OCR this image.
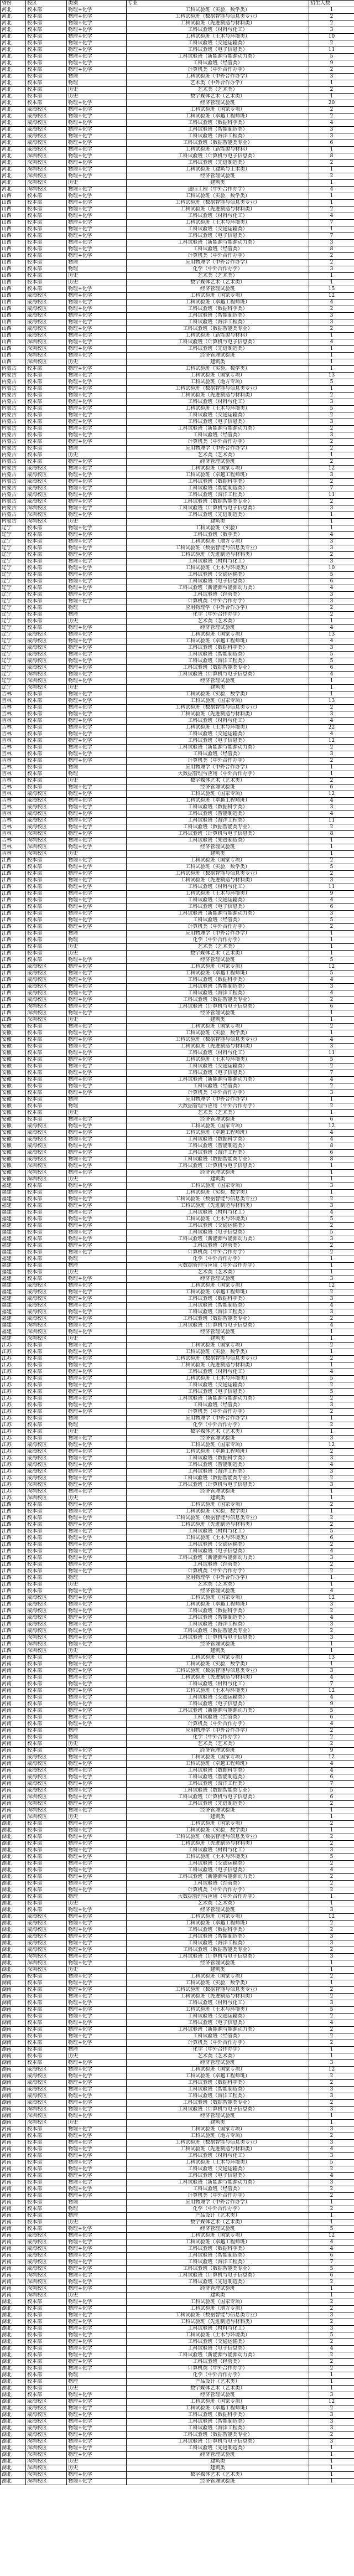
省份	校区	类别	专业	招生人数
河北	校本部	物理+化学	工科试验班（实验，数学类）	1
河北	校本部	物理+化学	工科试验班（数据智能与信息类专业）	2
河北	校本部	物理+化学	工科试验班（先进制造与材料类）	2
河北	校本部	物理+化学	工科试验班（材料与化工）	3
河北	校本部	物理+化学	工科试验班（土木与环境类）	10
河北	校本部	物理+化学	工科试验班（交通运输类）	2
河北	校本部	物理+化学	工科试验班（电子信息类）	11
河北	校本部	物理+化学	工科试验班（新能源与能源动力类）	5
河北	校本部	物理+化学	工科试验班（经管类）	9
河北	校本部	物理+化学	计算机类（中外合作办学）	2
河北	校本部	物理	工科试验班（中外合作办学）	3
河北	校本部	物理	艺术类（中外合作办学）	1
河北	校本部	历史	艺术类（艺术类）	2
河北	校本部	历史	数字媒体艺术（艺术类）	1
河北	校本部	物理+化学	经济管理试验班	20
河北	威海校区	物理+化学	工科试验班（国家专项）	2
河北	威海校区	物理+化学	工科试验班（卓越工程师班）	2
河北	威海校区	物理+化学	工科试验班（数据科学类）	4
河北	威海校区	物理+化学	工科试验班（智能制造类）	3
河北	威海校区	物理+化学	工科试验班（海洋工程类）	3
河北	威海校区	物理+化学	工科试验班（数据智能类专业）	6
河北	威海校区	物理+化学	工科试验班（新能源与材料）	1
河北	深圳校区	物理+化学	工科试验班（计算机与电子信息类）	8
河北	深圳校区	物理+化学	工科试验班（先进制造类）	2
河北	深圳校区	物理+化学	工科试验班（建筑与土木类）	1
河北	深圳校区	物理+化学	经济管理试验班	2
河北	深圳校区	历史	建筑类	1
河北	深圳校区	物理+化学	通信工程（中外合作办学）	4
山西	校本部	物理+化学	工科试验班（实验，数学类）	1
山西	校本部	物理+化学	工科试验班（数据智能与信息类专业）	1
山西	校本部	物理+化学	工科试验班（先进制造与材料类）	2
山西	校本部	物理+化学	工科试验班（材料与化工）	4
山西	校本部	物理+化学	工科试验班（土木与环境类）	7
山西	校本部	物理+化学	工科试验班（交通运输类）	1
山西	校本部	物理+化学	工科试验班（电子信息类）	7
山西	校本部	物理+化学	工科试验班（新能源与能源动力类）	3
山西	校本部	物理+化学	工科试验班（经管类）	8
山西	校本部	物理+化学	计算机类（中外合作办学）	2
山西	校本部	物理	应用物理学（中外合作办学）	2
山西	校本部	物理	化学（中外合作办学）	3
山西	校本部	历史	艺术类（艺术类）	1
山西	校本部	历史	数字媒体艺术（艺术类）	1
山西	校本部	物理+化学	经济管理试验班	15
山西	威海校区	物理+化学	工科试验班（国家专项）	12
山西	威海校区	物理+化学	工科试验班（卓越工程师班）	4
山西	威海校区	物理+化学	工科试验班（数据科学类）	2
山西	威海校区	物理+化学	工科试验班（智能制造类）	3
山西	威海校区	物理+化学	工科试验班（海洋工程类）	3
山西	威海校区	物理+化学	工科试验班（数据智能类专业）	2
山西	威海校区	物理+化学	工科试验班（新能源与材料）	1
山西	深圳校区	物理+化学	工科试验班（计算机与电子信息类）	4
山西	深圳校区	物理+化学	工科试验班（先进制造类）	1
山西	深圳校区	物理+化学	经济管理试验班	1
山西	深圳校区	历史	建筑类	1
内蒙古	校本部	物理+化学	工科试验班（实验，数学类）	1
内蒙古	校本部	物理+化学	工科试验班（国家专项）	13
内蒙古	校本部	物理+化学	工科试验班（地方专项）	5
内蒙古	校本部	物理+化学	工科试验班（数据智能与信息类专业）	1
内蒙古	校本部	物理+化学	工科试验班（先进制造与材料类）	2
内蒙古	校本部	物理+化学	工科试验班（材料与化工）	3
内蒙古	校本部	物理+化学	工科试验班（土木与环境类）	5
内蒙古	校本部	物理+化学	工科试验班（交通运输类）	2
内蒙古	校本部	物理+化学	工科试验班（电子信息类）	3
内蒙古	校本部	物理+化学	工科试验班（新能源与能源动力类）	2
内蒙古	校本部	物理+化学	工科试验班（经管类）	3
内蒙古	校本部	物理+化学	计算机类（中外合作办学）	2
内蒙古	校本部	物理	应用物理学（中外合作办学）	2
内蒙古	校本部	历史	艺术类（艺术类）	1
内蒙古	校本部	物理+化学	经济管理试验班	2
内蒙古	威海校区	物理+化学	工科试验班（国家专项）	12
内蒙古	威海校区	物理+化学	工科试验班（卓越工程师班）	3
内蒙古	威海校区	物理+化学	工科试验班（数据科学类）	2
内蒙古	威海校区	物理+化学	工科试验班（智能制造类）	7
内蒙古	威海校区	物理+化学	工科试验班（海洋工程类）	11
内蒙古	威海校区	物理+化学	工科试验班（数据智能类专业）	2
内蒙古	深圳校区	物理+化学	工科试验班（计算机与电子信息类）	3
内蒙古	深圳校区	物理+化学	工科试验班（先进制造类）	1
内蒙古	深圳校区	历史	建筑类	1
辽宁	校本部	物理+化学	工科试验班（实验）	1
辽宁	校本部	物理+化学	工科试验班（数学类）	4
辽宁	校本部	物理+化学	工科试验班（地方专项）	3
辽宁	校本部	物理+化学	工科试验班（数据智能与信息类专业）	3
辽宁	校本部	物理+化学	工科试验班（先进制造与材料类）	2
辽宁	校本部	物理+化学	工科试验班（材料与化工）	3
辽宁	校本部	物理+化学	工科试验班（土木与环境类）	10
辽宁	校本部	物理+化学	工科试验班（交通运输类）	5
辽宁	校本部	物理+化学	工科试验班（电子信息类）	6
辽宁	校本部	物理+化学	工科试验班（新能源与能源动力类）	4
辽宁	校本部	物理+化学	工科试验班（经管类）	3
辽宁	校本部	物理+化学	计算机类（中外合作办学）	3
辽宁	校本部	物理	应用物理学（中外合作办学）	2
辽宁	校本部	物理	化学（中外合作办学）	2
辽宁	校本部	历史	艺术类（艺术类）	1
辽宁	校本部	物理+化学	经济管理试验班	4
辽宁	威海校区	物理+化学	工科试验班（国家专项）	13
辽宁	威海校区	物理+化学	工科试验班（卓越工程师班）	4
辽宁	威海校区	物理+化学	工科试验班（数据科学类）	3
辽宁	威海校区	物理+化学	工科试验班（智能制造类）	5
辽宁	威海校区	物理+化学	工科试验班（海洋工程类）	5
辽宁	威海校区	物理+化学	工科试验班（数据智能类专业）	6
辽宁	深圳校区	物理+化学	工科试验班（计算机与电子信息类）	4
辽宁	深圳校区	物理+化学	经济管理试验班	1
辽宁	深圳校区	历史	建筑类	1
吉林	校本部	物理+化学	工科试验班（实验，数学类）	1
吉林	校本部	物理+化学	工科试验班（国家专项）	13
吉林	校本部	物理+化学	工科试验班（数据智能与信息类专业）	2
吉林	校本部	物理+化学	工科试验班（先进制造与材料类）	3
吉林	校本部	物理+化学	工科试验班（材料与化工）	4
吉林	校本部	物理+化学	工科试验班（土木与环境类）	22
吉林	校本部	物理+化学	工科试验班（交通运输类）	4
吉林	校本部	物理+化学	工科试验班（电子信息类）	12
吉林	校本部	物理+化学	工科试验班（新能源与能源动力类）	2
吉林	校本部	物理+化学	工科试验班（经管类）	3
吉林	校本部	物理+化学	计算机类（中外合作办学）	2
吉林	校本部	物理	应用物理学（中外合作办学）	1
吉林	校本部	物理	大数据管理与应用（中外合作办学）	1
吉林	校本部	历史	数字媒体艺术（艺术类）	2
吉林	校本部	物理+化学	经济管理试验班	6
吉林	威海校区	物理+化学	工科试验班（国家专项）	12
吉林	威海校区	物理+化学	工科试验班（卓越工程师班）	4
吉林	威海校区	物理+化学	工科试验班（数据科学类）	3
吉林	威海校区	物理+化学	工科试验班（智能制造类）	4
吉林	威海校区	物理+化学	工科试验班（海洋工程类）	11
吉林	威海校区	物理+化学	工科试验班（数据智能类专业）	2
吉林	深圳校区	物理+化学	工科试验班（计算机与电子信息类）	8
吉林	深圳校区	物理+化学	工科试验班（先进制造类）	1
吉林	深圳校区	物理+化学	经济管理试验班	1
吉林	深圳校区	历史	建筑类	1
江西	校本部	物理+化学	工科试验班（国家专项）	2
江西	校本部	物理+化学	工科试验班（实验，数学类）	5
江西	校本部	物理+化学	工科试验班（数据智能与信息类专业）	2
江西	校本部	物理+化学	工科试验班（先进制造与材料类）	3
江西	校本部	物理+化学	工科试验班（材料与化工）	11
江西	校本部	物理+化学	工科试验班（土木与环境类）	9
江西	校本部	物理+化学	工科试验班（交通运输类）	4
江西	校本部	物理+化学	工科试验班（电子信息类）	6
江西	校本部	物理+化学	工科试验班（新能源与能源动力类）	3
江西	校本部	物理+化学	工科试验班（经管类）	5
江西	校本部	物理+化学	计算机类（中外合作办学）	2
江西	校本部	物理	应用物理学（中外合作办学）	1
江西	校本部	物理	化学（中外合作办学）	1
江西	校本部	历史	艺术类（艺术类）	1
江西	校本部	历史	数字媒体艺术（艺术类）	1
江西	校本部	物理+化学	经济管理试验班	5
江西	威海校区	物理+化学	工科试验班（国家专项）	12
江西	威海校区	物理+化学	工科试验班（卓越工程师班）	5
江西	威海校区	物理+化学	工科试验班（数据科学类）	4
江西	威海校区	物理+化学	工科试验班（智能制造类）	3
江西	威海校区	物理+化学	工科试验班（海洋工程类）	4
江西	威海校区	物理+化学	工科试验班（数据智能类专业）	2
江西	深圳校区	物理+化学	工科试验班（计算机与电子信息类）	6
江西	深圳校区	物理+化学	经济管理试验班	1
江西	深圳校区	历史	建筑类	1
安徽	校本部	物理+化学	工科试验班（国家专项）	2
安徽	校本部	物理+化学	工科试验班（实验，数学类）	1
安徽	校本部	物理+化学	工科试验班（数据智能与信息类专业）	4
安徽	校本部	物理+化学	工科试验班（先进制造与材料类）	3
安徽	校本部	物理+化学	工科试验班（材料与化工）	11
安徽	校本部	物理+化学	工科试验班（土木与环境类）	5
安徽	校本部	物理+化学	工科试验班（交通运输类）	2
安徽	校本部	物理+化学	工科试验班（电子信息类）	7
安徽	校本部	物理+化学	工科试验班（新能源与能源动力类）	4
安徽	校本部	物理+化学	工科试验班（经管类）	2
安徽	校本部	物理+化学	计算机类（中外合作办学）	3
安徽	校本部	物理	应用物理学（中外合作办学）	1
安徽	校本部	物理	大数据管理与应用（中外合作办学）	2
安徽	校本部	历史	艺术类（艺术类）	1
安徽	校本部	物理+化学	经济管理试验班	6
安徽	威海校区	物理+化学	工科试验班（国家专项）	12
安徽	威海校区	物理+化学	工科试验班（卓越工程师班）	4
安徽	威海校区	物理+化学	工科试验班（数据科学类）	4
安徽	威海校区	物理+化学	工科试验班（智能制造类）	8
安徽	威海校区	物理+化学	工科试验班（海洋工程类）	6
安徽	威海校区	物理+化学	工科试验班（数据智能类专业）	8
安徽	深圳校区	物理+化学	工科试验班（计算机与电子信息类）	1
安徽	深圳校区	物理+化学	经济管理试验班	1
安徽	深圳校区	历史	建筑类	1
福建	校本部	物理+化学	工科试验班（国家专项）	3
福建	校本部	物理+化学	工科试验班（实验，数学类）	1
福建	校本部	物理+化学	工科试验班（数据智能与信息类专业）	2
福建	校本部	物理+化学	工科试验班（先进制造与材料类）	3
福建	校本部	物理+化学	工科试验班（材料与化工）	4
福建	校本部	物理+化学	工科试验班（土木与环境类）	5
福建	校本部	物理+化学	工科试验班（交通运输类）	2
福建	校本部	物理+化学	工科试验班（电子信息类）	5
福建	校本部	物理+化学	工科试验班（新能源与能源动力类）	3
福建	校本部	物理+化学	工科试验班（经管类）	2
福建	校本部	物理+化学	计算机类（中外合作办学）	2
福建	校本部	物理	化学（中外合作办学）	1
福建	校本部	物理	大数据管理与应用（中外合作办学）	1
福建	校本部	历史	艺术类（艺术类）	1
福建	校本部	物理+化学	经济管理试验班	3
福建	威海校区	物理+化学	工科试验班（国家专项）	12
福建	威海校区	物理+化学	工科试验班（卓越工程师班）	2
福建	威海校区	物理+化学	工科试验班（数据科学类）	3
福建	威海校区	物理+化学	工科试验班（智能制造类）	4
福建	威海校区	物理+化学	工科试验班（海洋工程类）	3
福建	威海校区	物理+化学	工科试验班（数据智能类专业）	2
福建	深圳校区	物理+化学	工科试验班（计算机与电子信息类）	4
福建	深圳校区	物理+化学	经济管理试验班	1
福建	深圳校区	历史	建筑类	1
江苏	校本部	物理+化学	工科试验班（国家专项）	2
江苏	校本部	物理+化学	工科试验班（实验，数学类）	1
江苏	校本部	物理+化学	工科试验班（数据智能与信息类专业）	2
江苏	校本部	物理+化学	工科试验班（先进制造与材料类）	1
江苏	校本部	物理+化学	工科试验班（材料与化工）	4
江苏	校本部	物理+化学	工科试验班（土木与环境类）	5
江苏	校本部	物理+化学	工科试验班（交通运输类）	2
江苏	校本部	物理+化学	工科试验班（电子信息类）	5
江苏	校本部	物理+化学	工科试验班（新能源与能源动力类）	2
江苏	校本部	物理+化学	工科试验班（经管类）	3
江苏	校本部	物理+化学	计算机类（中外合作办学）	2
江苏	校本部	物理	应用物理学（中外合作办学）	1
江苏	校本部	物理	化学（中外合作办学）	2
江苏	校本部	历史	数字媒体艺术（艺术类）	1
江苏	校本部	物理+化学	经济管理试验班	3
江苏	威海校区	物理+化学	工科试验班（国家专项）	12
江苏	威海校区	物理+化学	工科试验班（卓越工程师班）	2
江苏	威海校区	物理+化学	工科试验班（数据科学类）	3
江苏	威海校区	物理+化学	工科试验班（智能制造类）	4
江苏	威海校区	物理+化学	工科试验班（海洋工程类）	3
江苏	威海校区	物理+化学	工科试验班（数据智能类专业）	2
江苏	深圳校区	物理+化学	工科试验班（计算机与电子信息类）	3
江苏	深圳校区	物理+化学	经济管理试验班	1
江苏	深圳校区	历史	建筑类	1
江西	校本部	物理+化学	工科试验班（国家专项）	2
江西	校本部	物理+化学	工科试验班（实验，数学类）	1
江西	校本部	物理+化学	工科试验班（数据智能与信息类专业）	2
江西	校本部	物理+化学	工科试验班（先进制造与材料类）	2
江西	校本部	物理+化学	工科试验班（材料与化工）	5
江西	校本部	物理+化学	工科试验班（土木与环境类）	6
江西	校本部	物理+化学	工科试验班（交通运输类）	2
江西	校本部	物理+化学	工科试验班（电子信息类）	4
江西	校本部	物理+化学	工科试验班（新能源与能源动力类）	3
江西	校本部	物理+化学	工科试验班（经管类）	2
江西	校本部	物理+化学	计算机类（中外合作办学）	2
江西	校本部	物理	应用物理学（中外合作办学）	1
江西	校本部	历史	艺术类（艺术类）	1
江西	校本部	物理+化学	经济管理试验班	4
江西	威海校区	物理+化学	工科试验班（国家专项）	12
江西	威海校区	物理+化学	工科试验班（卓越工程师班）	3
江西	威海校区	物理+化学	工科试验班（数据科学类）	2
江西	威海校区	物理+化学	工科试验班（智能制造类）	4
江西	威海校区	物理+化学	工科试验班（海洋工程类）	3
江西	威海校区	物理+化学	工科试验班（数据智能类专业）	2
江西	深圳校区	物理+化学	工科试验班（计算机与电子信息类）	3
江西	深圳校区	物理+化学	经济管理试验班	1
江西	深圳校区	历史	建筑类	1
河南	校本部	物理+化学	工科试验班（国家专项）	13
河南	校本部	物理+化学	工科试验班（实验，数学类）	1
河南	校本部	物理+化学	工科试验班（数据智能与信息类专业）	3
河南	校本部	物理+化学	工科试验班（先进制造与材料类）	4
河南	校本部	物理+化学	工科试验班（材料与化工）	7
河南	校本部	物理+化学	工科试验班（土木与环境类）	12
河南	校本部	物理+化学	工科试验班（交通运输类）	4
河南	校本部	物理+化学	工科试验班（电子信息类）	9
河南	校本部	物理+化学	工科试验班（新能源与能源动力类）	5
河南	校本部	物理+化学	工科试验班（经管类）	6
河南	校本部	物理+化学	计算机类（中外合作办学）	4
河南	校本部	物理	应用物理学（中外合作办学）	2
河南	校本部	物理	化学（中外合作办学）	2
河南	校本部	历史	艺术类（艺术类）	2
河南	校本部	物理+化学	经济管理试验班	9
河南	威海校区	物理+化学	工科试验班（国家专项）	12
河南	威海校区	物理+化学	工科试验班（卓越工程师班）	4
河南	威海校区	物理+化学	工科试验班（数据科学类）	4
河南	威海校区	物理+化学	工科试验班（智能制造类）	6
河南	威海校区	物理+化学	工科试验班（海洋工程类）	7
河南	威海校区	物理+化学	工科试验班（数据智能类专业）	5
河南	深圳校区	物理+化学	工科试验班（计算机与电子信息类）	6
河南	深圳校区	物理+化学	工科试验班（先进制造类）	2
河南	深圳校区	物理+化学	经济管理试验班	1
河南	深圳校区	历史	建筑类	1
湖北	校本部	物理+化学	工科试验班（国家专项）	2
湖北	校本部	物理+化学	工科试验班（实验，数学类）	1
湖北	校本部	物理+化学	工科试验班（数据智能与信息类专业）	2
湖北	校本部	物理+化学	工科试验班（先进制造与材料类）	2
湖北	校本部	物理+化学	工科试验班（材料与化工）	3
湖北	校本部	物理+化学	工科试验班（土木与环境类）	5
湖北	校本部	物理+化学	工科试验班（交通运输类）	2
湖北	校本部	物理+化学	工科试验班（电子信息类）	4
湖北	校本部	物理+化学	工科试验班（新能源与能源动力类）	2
湖北	校本部	物理+化学	工科试验班（经管类）	2
湖北	校本部	物理+化学	计算机类（中外合作办学）	2
湖北	校本部	物理	大数据管理与应用（中外合作办学）	1
湖北	校本部	历史	艺术类（艺术类）	1
湖北	校本部	物理+化学	经济管理试验班	3
湖北	威海校区	物理+化学	工科试验班（国家专项）	12
湖北	威海校区	物理+化学	工科试验班（卓越工程师班）	2
湖北	威海校区	物理+化学	工科试验班（数据科学类）	2
湖北	威海校区	物理+化学	工科试验班（智能制造类）	3
湖北	威海校区	物理+化学	工科试验班（海洋工程类）	3
湖北	威海校区	物理+化学	工科试验班（数据智能类专业）	2
湖北	深圳校区	物理+化学	工科试验班（计算机与电子信息类）	3
湖北	深圳校区	物理+化学	经济管理试验班	1
湖北	深圳校区	历史	建筑类	1
湖南	校本部	物理+化学	工科试验班（国家专项）	2
湖南	校本部	物理+化学	工科试验班（实验，数学类）	1
湖南	校本部	物理+化学	工科试验班（数据智能与信息类专业）	2
湖南	校本部	物理+化学	工科试验班（先进制造与材料类）	2
湖南	校本部	物理+化学	工科试验班（材料与化工）	3
湖南	校本部	物理+化学	工科试验班（土木与环境类）	5
湖南	校本部	物理+化学	工科试验班（交通运输类）	2
湖南	校本部	物理+化学	工科试验班（电子信息类）	4
湖南	校本部	物理+化学	工科试验班（新能源与能源动力类）	2
湖南	校本部	物理+化学	工科试验班（经管类）	2
湖南	校本部	物理+化学	计算机类（中外合作办学）	2
湖南	校本部	物理	化学（中外合作办学）	1
湖南	校本部	历史	艺术类（艺术类）	1
湖南	校本部	物理+化学	经济管理试验班	3
湖南	威海校区	物理+化学	工科试验班（国家专项）	12
湖南	威海校区	物理+化学	工科试验班（卓越工程师班）	2
湖南	威海校区	物理+化学	工科试验班（数据科学类）	2
湖南	威海校区	物理+化学	工科试验班（智能制造类）	3
湖南	威海校区	物理+化学	工科试验班（海洋工程类）	3
湖南	威海校区	物理+化学	工科试验班（数据智能类专业）	2
湖南	深圳校区	物理+化学	工科试验班（计算机与电子信息类）	3
湖南	深圳校区	物理+化学	经济管理试验班	1
湖南	深圳校区	历史	建筑类	1
河南	校本部	物理+化学	工科试验班（国家专项）	3
河南	校本部	物理+化学	工科试验班（地方专项）	2
河南	校本部	物理+化学	工科试验班（数据智能与信息类专业）	3
河南	校本部	物理+化学	工科试验班（先进制造与材料类）	4
河南	校本部	物理+化学	工科试验班（材料与化工）	3
河南	校本部	物理+化学	工科试验班（土木与环境类）	5
河南	校本部	物理+化学	工科试验班（交通运输类）	2
河南	校本部	物理+化学	工科试验班（电子信息类）	4
河南	校本部	物理+化学	工科试验班（新能源与能源动力类）	3
河南	校本部	物理+化学	工科试验班（经管类）	2
河南	校本部	物理+化学	计算机类（中外合作办学）	2
河南	校本部	物理	应用物理学（中外合作办学）	1
河南	校本部	物理	化学（中外合作办学）	2
河南	校本部	物理	产品设计（艺术类）	1
河南	校本部	历史	数字媒体艺术（艺术类）	1
河南	校本部	物理+化学	经济管理试验班	5
河南	威海校区	物理+化学	工科试验班（国家专项）	12
河南	威海校区	物理+化学	工科试验班（卓越工程师班）	4
河南	威海校区	物理+化学	工科试验班（数据科学类）	4
河南	威海校区	物理+化学	工科试验班（智能制造类）	6
河南	威海校区	物理+化学	工科试验班（海洋工程类）	7
河南	威海校区	物理+化学	工科试验班（数据智能类专业）	5
河南	深圳校区	物理+化学	工科试验班（计算机与电子信息类）	6
河南	深圳校区	物理+化学	工科试验班（先进制造类）	2
河南	深圳校区	物理+化学	经济管理试验班	1
河南	深圳校区	历史	建筑类	1
湖北	校本部	物理+化学	工科试验班（国家专项）	2
湖北	校本部	物理+化学	工科试验班（地方专项）	2
湖北	校本部	物理+化学	工科试验班（数据智能与信息类专业）	3
湖北	校本部	物理+化学	工科试验班（先进制造与材料类）	2
湖北	校本部	物理+化学	工科试验班（材料与化工）	3
湖北	校本部	物理+化学	工科试验班（土木与环境类）	5
湖北	校本部	物理+化学	工科试验班（交通运输类）	2
湖北	校本部	物理+化学	工科试验班（电子信息类）	4
湖北	校本部	物理+化学	工科试验班（新能源与能源动力类）	2
湖北	校本部	物理+化学	工科试验班（经管类）	2
湖北	校本部	物理+化学	计算机类（中外合作办学）	2
湖北	校本部	物理	化学（中外合作办学）	1
湖北	校本部	物理	产品设计（艺术类）	1
湖北	校本部	历史	数字媒体艺术（艺术类）	1
湖北	校本部	物理+化学	经济管理试验班	3
湖北	威海校区	物理+化学	工科试验班（国家专项）	12
湖北	威海校区	物理+化学	工科试验班（卓越工程师班）	2
湖北	威海校区	物理+化学	工科试验班（数据科学类）	3
湖北	威海校区	物理+化学	工科试验班（智能制造类）	3
湖北	威海校区	物理+化学	工科试验班（海洋工程类）	3
湖北	威海校区	物理+化学	工科试验班（数据智能类专业）	2
湖北	深圳校区	物理+化学	工科试验班（计算机与电子信息类）	3
湖北	深圳校区	物理+化学	工科试验班（先进制造类）	1
湖北	深圳校区	物理+化学	经济管理试验班	1
湖北	深圳校区	历史	建筑类	1
湖北	深圳校区	历史	建筑类	1
湖北	深圳校区	物理+化学	数字媒体艺术（艺术类）	1
湖北	深圳校区	物理+化学	经济管理试验班	1
